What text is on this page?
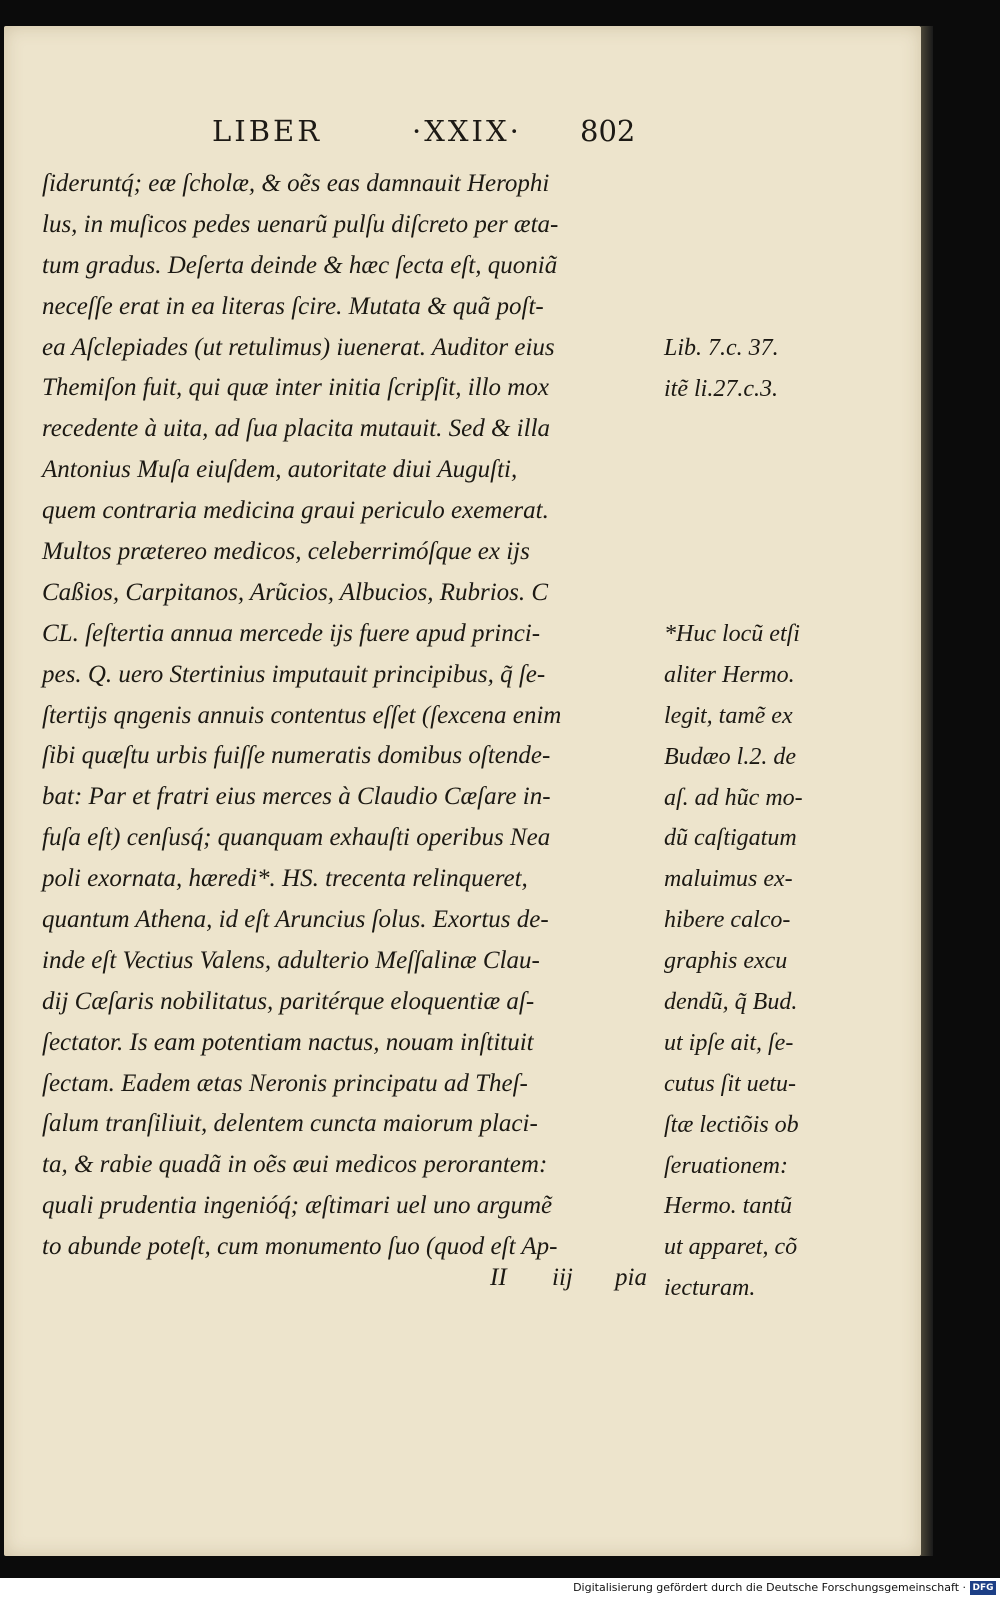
LIBER	·XXIX· 802
ſideruntq́; eæ ſcholæ, & oẽs eas damnauit Herophi
lus, in muſicos pedes uenarũ pulſu diſcreto per æta-
tum gradus. Deſerta deinde & hæc ſecta eſt, quoniã
neceſſe erat in ea literas ſcire. Mutata & quã poſt-
ea Aſclepiades (ut retulimus) iuenerat. Auditor eius
Themiſon fuit, qui quæ inter initia ſcripſit, illo mox
recedente à uita, ad ſua placita mutauit. Sed & illa
Antonius Muſa eiuſdem, autoritate diui Auguſti,
quem contraria medicina graui periculo exemerat.
Multos prætereo medicos, celeberrimóſque ex ijs
Caßios, Carpitanos, Arũcios, Albucios, Rubrios. C
CL. ſeſtertia annua mercede ijs fuere apud princi-
pes. Q. uero Stertinius imputauit principibus, q̃ ſe-
ſtertijs qngenis annuis contentus eſſet (ſexcena enim
ſibi quæſtu urbis fuiſſe numeratis domibus oſtende-
bat: Par et fratri eius merces à Claudio Cæſare in-
fuſa eſt) cenſusq́; quanquam exhauſti operibus Nea
poli exornata, hæredi*. HS. trecenta relinqueret,
quantum Athena, id eſt Aruncius ſolus. Exortus de-
inde eſt Vectius Valens, adulterio Meſſalinæ Clau-
dij Cæſaris nobilitatus, paritérque eloquentiæ aſ-
ſectator. Is eam potentiam nactus, nouam inſtituit
ſectam. Eadem ætas Neronis principatu ad Theſ-
ſalum tranſiliuit, delentem cuncta maiorum placi-
ta, & rabie quadã in oẽs æui medicos perorantem:
quali prudentia ingenióq́; æſtimari uel uno argumẽ
to abunde poteſt, cum monumento ſuo (quod eſt Ap-
Lib. 7.c. 37.
itẽ li.27.c.3.
*Huc locũ etſi
aliter Hermo.
legit, tamẽ ex
Budæo l.2. de
aſ. ad hũc mo-
dũ caſtigatum
maluimus ex-
hibere calco-
graphis excu
dendũ, q̃ Bud.
ut ipſe ait, ſe-
cutus ſit uetu-
ſtæ lectiõis ob
ſeruationem:
Hermo. tantũ
ut apparet, cõ
iecturam.
II iij pia
Digitalisierung gefördert durch die Deutsche Forschungsgemeinschaft · DFG
